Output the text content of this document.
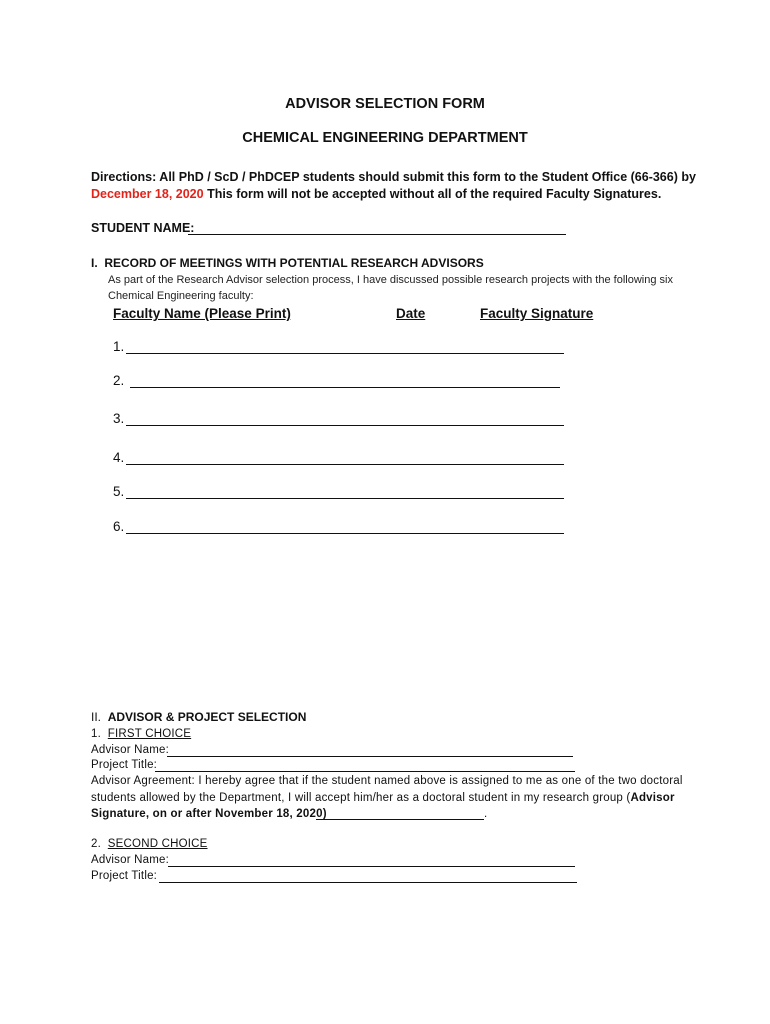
ADVISOR SELECTION FORM
CHEMICAL ENGINEERING DEPARTMENT
Directions: All PhD / ScD / PhDCEP students should submit this form to the Student Office (66-366) by
December 18, 2020 This form will not be accepted without all of the required Faculty Signatures.
STUDENT NAME:
I. RECORD OF MEETINGS WITH POTENTIAL RESEARCH ADVISORS
As part of the Research Advisor selection process, I have discussed possible research projects with the following six
Chemical Engineering faculty:
Faculty Name (Please Print)	Date	Faculty Signature
1.
2.
3.
4.
5.
6.
II. ADVISOR & PROJECT SELECTION
1. FIRST CHOICE
Advisor Name:
Project Title:
Advisor Agreement: I hereby agree that if the student named above is assigned to me as one of the two doctoral
students allowed by the Department, I will accept him/her as a doctoral student in my research group (Advisor
Signature, on or after November 18, 2020)	.
2. SECOND CHOICE
Advisor Name:
Project Title:
